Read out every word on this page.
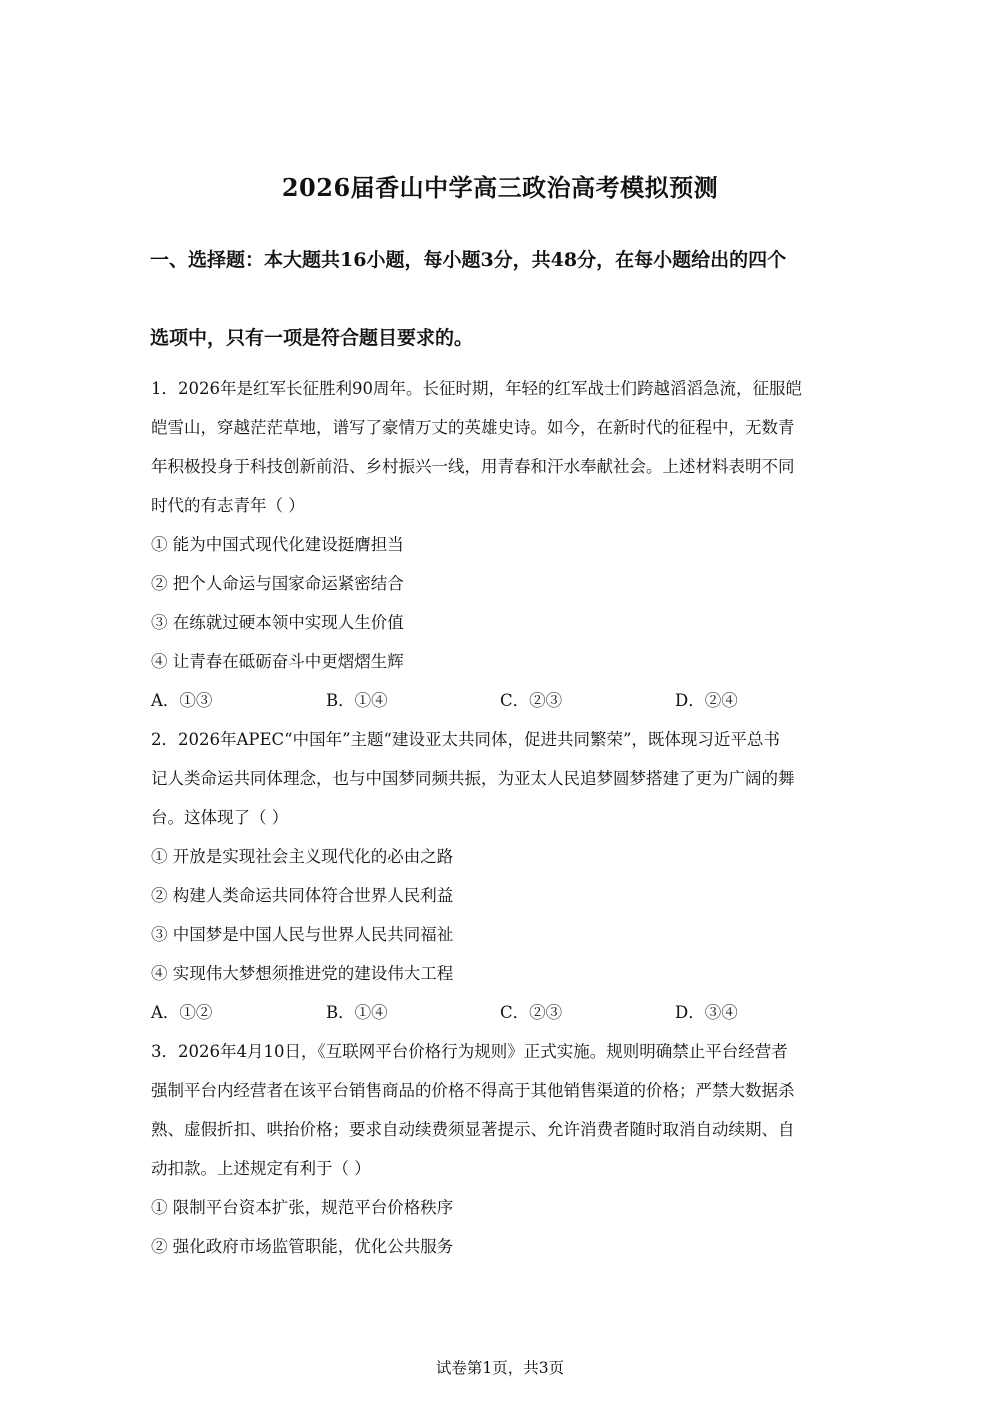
2026届香山中学高三政治高考模拟预测

一、选择题：本大题共16小题，每小题3分，共48分，在每小题给出的四个

选项中，只有一项是符合题目要求的。

1．2026年是红军长征胜利90周年。长征时期，年轻的红军战士们跨越滔滔急流，征服皑

皑雪山，穿越茫茫草地，谱写了豪情万丈的英雄史诗。如今，在新时代的征程中，无数青

年积极投身于科技创新前沿、乡村振兴一线，用青春和汗水奉献社会。上述材料表明不同

时代的有志青年（ ）

① 能为中国式现代化建设挺膺担当

② 把个人命运与国家命运紧密结合

③ 在练就过硬本领中实现人生价值

④ 让青春在砥砺奋斗中更熠熠生辉

A．①③	B．①④	C．②③	D．②④

2．2026年APEC“中国年”主题“建设亚太共同体，促进共同繁荣”，既体现习近平总书

记人类命运共同体理念，也与中国梦同频共振，为亚太人民追梦圆梦搭建了更为广阔的舞

台。这体现了（ ）

① 开放是实现社会主义现代化的必由之路

② 构建人类命运共同体符合世界人民利益

③ 中国梦是中国人民与世界人民共同福祉

④ 实现伟大梦想须推进党的建设伟大工程

A．①②	B．①④	C．②③	D．③④

3．2026年4月10日，《互联网平台价格行为规则》正式实施。规则明确禁止平台经营者

强制平台内经营者在该平台销售商品的价格不得高于其他销售渠道的价格；严禁大数据杀

熟、虚假折扣、哄抬价格；要求自动续费须显著提示、允许消费者随时取消自动续期、自

动扣款。上述规定有利于（ ）

① 限制平台资本扩张，规范平台价格秩序

② 强化政府市场监管职能，优化公共服务

试卷第1页，共3页
